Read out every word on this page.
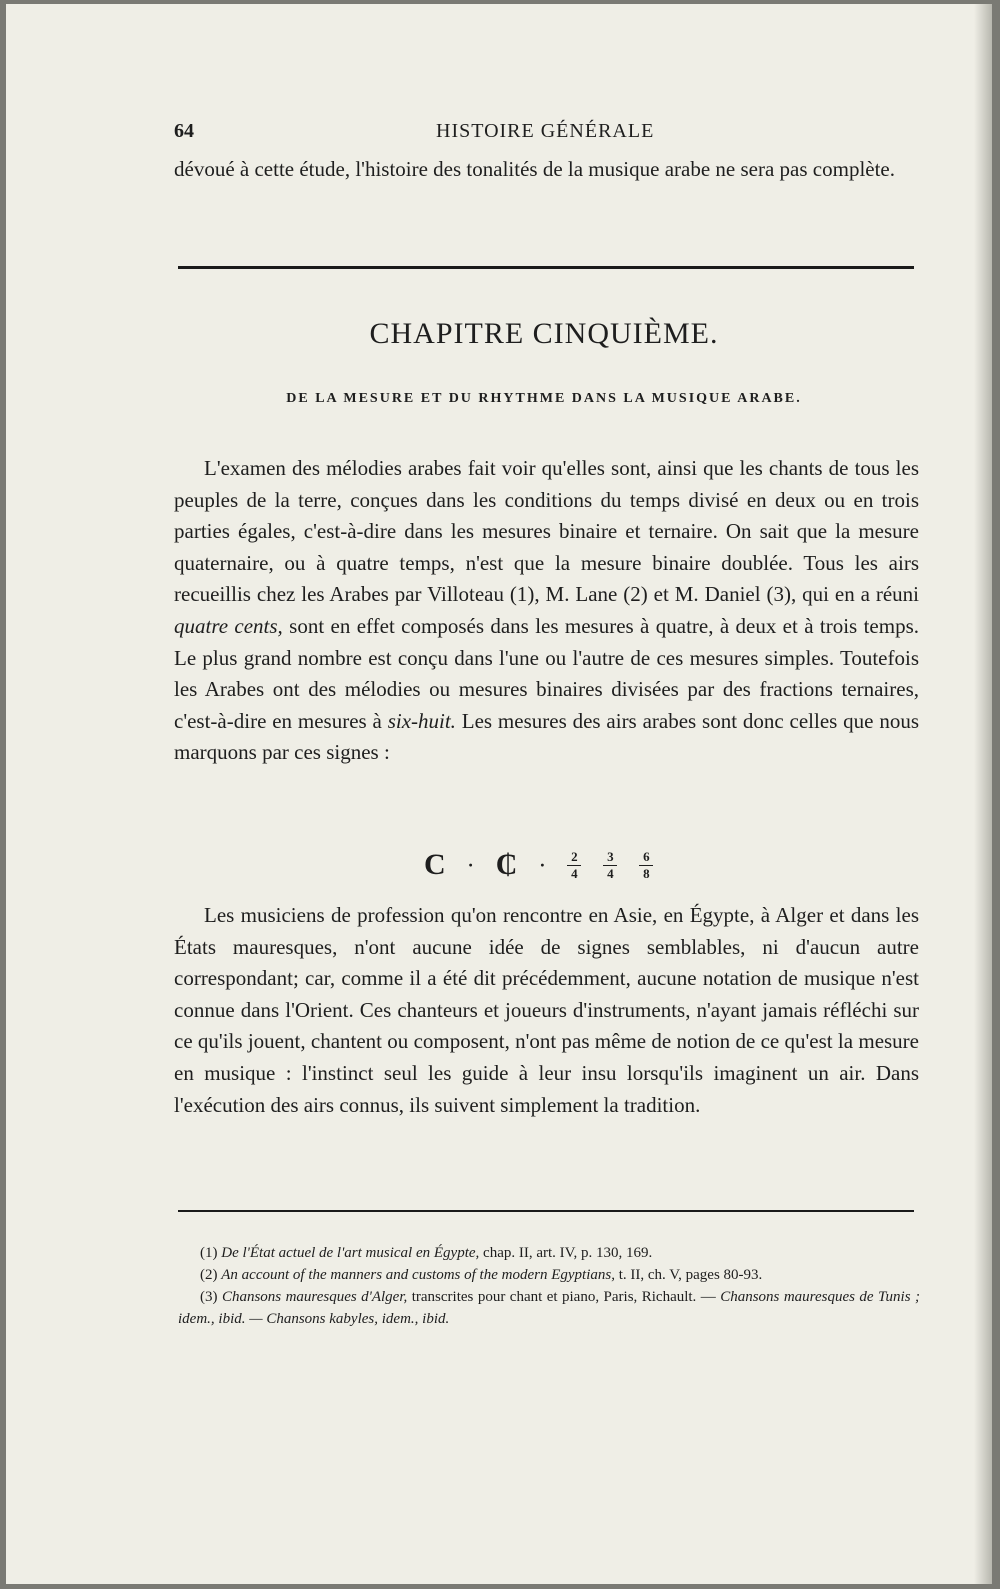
64	HISTOIRE GÉNÉRALE

dévoué à cette étude, l'histoire des tonalités de la musique arabe ne sera pas complète.

CHAPITRE CINQUIÈME.
DE LA MESURE ET DU RHYTHME DANS LA MUSIQUE ARABE.

L'examen des mélodies arabes fait voir qu'elles sont, ainsi que les chants de tous les peuples de la terre, conçues dans les conditions du temps divisé en deux ou en trois parties égales, c'est-à-dire dans les mesures binaire et ternaire. On sait que la mesure quaternaire, ou à quatre temps, n'est que la mesure binaire doublée. Tous les airs recueillis chez les Arabes par Villoteau (1), M. Lane (2) et M. Daniel (3), qui en a réuni quatre cents, sont en effet composés dans les mesures à quatre, à deux et à trois temps. Le plus grand nombre est conçu dans l'une ou l'autre de ces mesures simples. Toutefois les Arabes ont des mélodies ou mesures binaires divisées par des fractions ternaires, c'est-à-dire en mesures à six-huit. Les mesures des airs arabes sont donc celles que nous marquons par ces signes :

C · ₵ · $\frac{2}{4} \frac{3}{4} \frac{6}{8}$

Les musiciens de profession qu'on rencontre en Asie, en Égypte, à Alger et dans les États mauresques, n'ont aucune idée de signes semblables, ni d'aucun autre correspondant; car, comme il a été dit précédemment, aucune notation de musique n'est connue dans l'Orient. Ces chanteurs et joueurs d'instruments, n'ayant jamais réfléchi sur ce qu'ils jouent, chantent ou composent, n'ont pas même de notion de ce qu'est la mesure en musique : l'instinct seul les guide à leur insu lorsqu'ils imaginent un air. Dans l'exécution des airs connus, ils suivent simplement la tradition.

(1) De l'État actuel de l'art musical en Égypte, chap. II, art. IV, p. 130, 169.

(2) An account of the manners and customs of the modern Egyptians, t. II, ch. V, pages 80-93.

(3) Chansons mauresques d'Alger, transcrites pour chant et piano, Paris, Richault. — Chansons mauresques de Tunis ; idem., ibid. — Chansons kabyles, idem., ibid.
